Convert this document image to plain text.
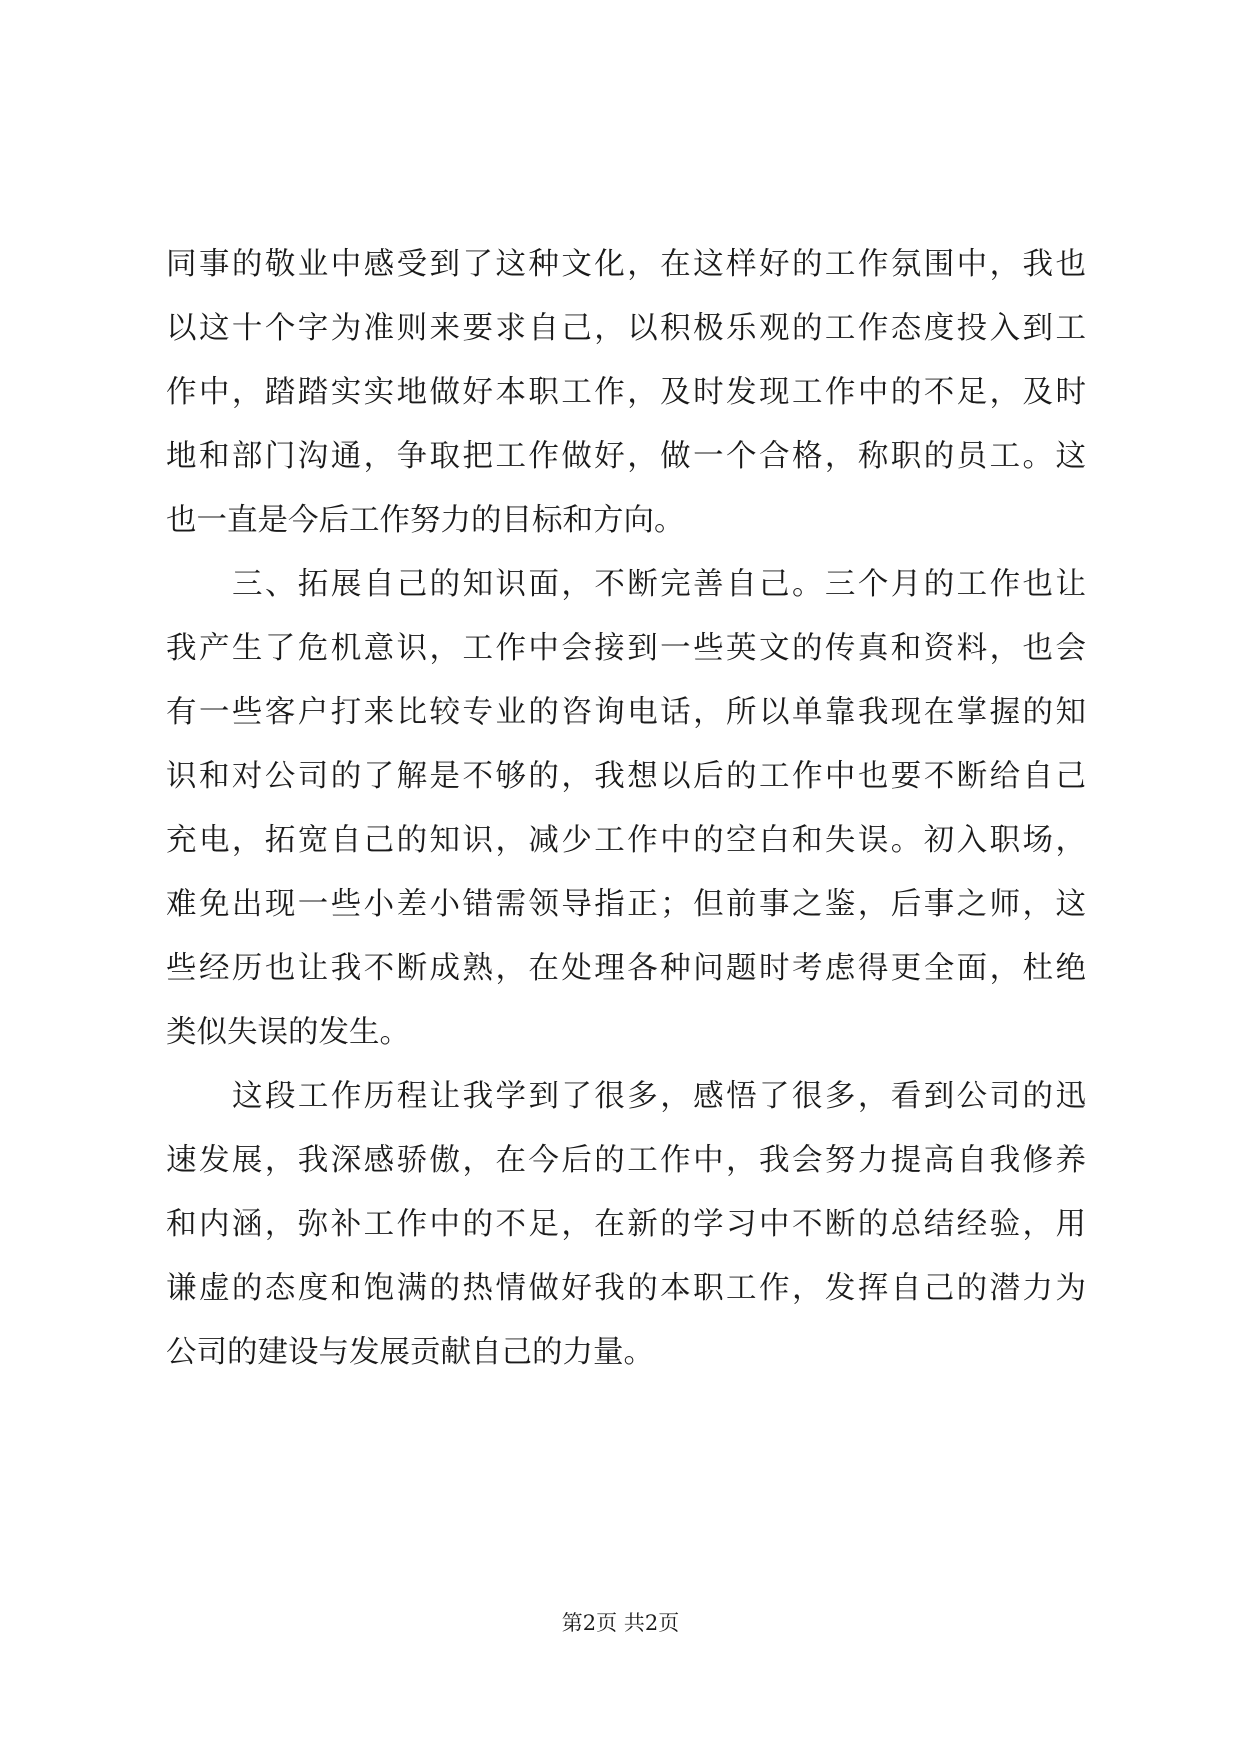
同事的敬业中感受到了这种文化，在这样好的工作氛围中，我也
以这十个字为准则来要求自己，以积极乐观的工作态度投入到工
作中，踏踏实实地做好本职工作，及时发现工作中的不足，及时
地和部门沟通，争取把工作做好，做一个合格，称职的员工。这
也一直是今后工作努力的目标和方向。
三、拓展自己的知识面，不断完善自己。三个月的工作也让
我产生了危机意识，工作中会接到一些英文的传真和资料，也会
有一些客户打来比较专业的咨询电话，所以单靠我现在掌握的知
识和对公司的了解是不够的，我想以后的工作中也要不断给自己
充电，拓宽自己的知识，减少工作中的空白和失误。初入职场，
难免出现一些小差小错需领导指正；但前事之鉴，后事之师，这
些经历也让我不断成熟，在处理各种问题时考虑得更全面，杜绝
类似失误的发生。
这段工作历程让我学到了很多，感悟了很多，看到公司的迅
速发展，我深感骄傲，在今后的工作中，我会努力提高自我修养
和内涵，弥补工作中的不足，在新的学习中不断的总结经验，用
谦虚的态度和饱满的热情做好我的本职工作，发挥自己的潜力为
公司的建设与发展贡献自己的力量。
第2页 共2页
